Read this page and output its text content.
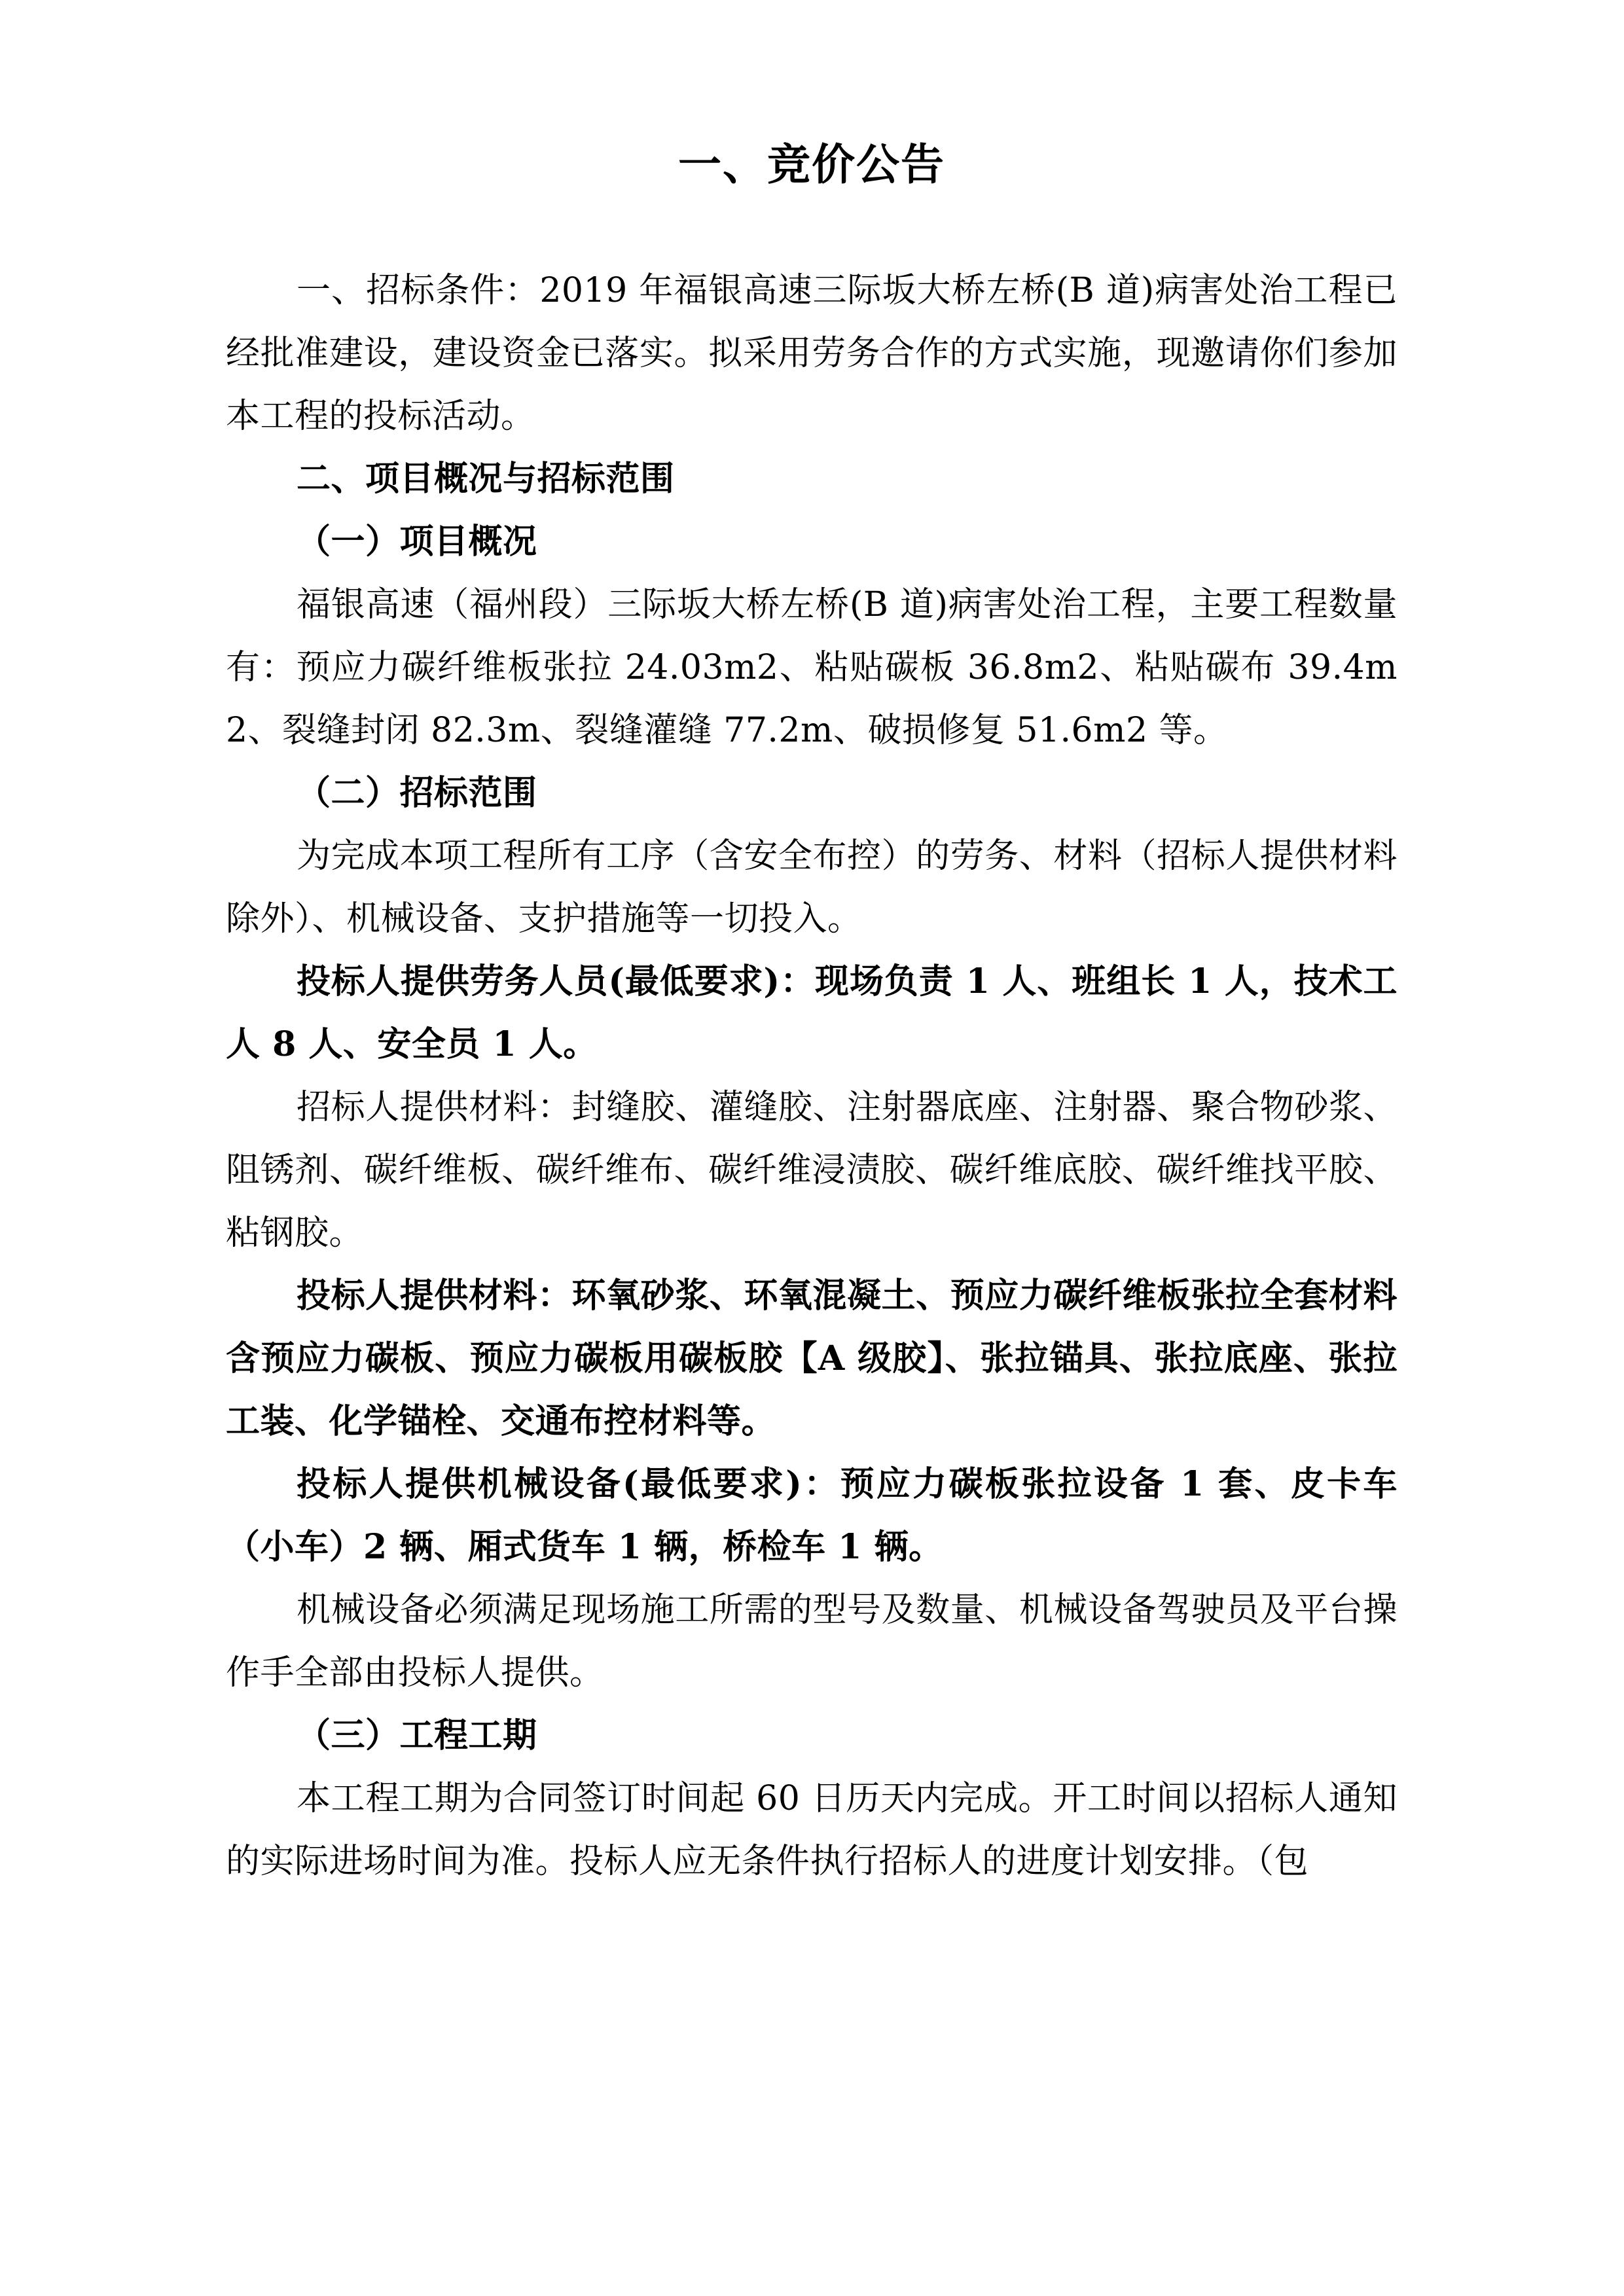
一、竞价公告

一、招标条件：2019 年福银高速三际坂大桥左桥(B 道)病害处治工程已经批准建设，建设资金已落实。拟采用劳务合作的方式实施，现邀请你们参加本工程的投标活动。

二、项目概况与招标范围

（一）项目概况

福银高速（福州段）三际坂大桥左桥(B 道)病害处治工程，主要工程数量有：预应力碳纤维板张拉 24.03m2、粘贴碳板 36.8m2、粘贴碳布 39.4m2、裂缝封闭 82.3m、裂缝灌缝 77.2m、破损修复 51.6m2 等。

（二）招标范围

为完成本项工程所有工序（含安全布控）的劳务、材料（招标人提供材料除外）、机械设备、支护措施等一切投入。

投标人提供劳务人员(最低要求)：现场负责 1 人、班组长 1 人，技术工人 8 人、安全员 1 人。

招标人提供材料：封缝胶、灌缝胶、注射器底座、注射器、聚合物砂浆、阻锈剂、碳纤维板、碳纤维布、碳纤维浸渍胶、碳纤维底胶、碳纤维找平胶、粘钢胶。

投标人提供材料：环氧砂浆、环氧混凝土、预应力碳纤维板张拉全套材料含预应力碳板、预应力碳板用碳板胶【A 级胶】、张拉锚具、张拉底座、张拉工装、化学锚栓、交通布控材料等。

投标人提供机械设备(最低要求)：预应力碳板张拉设备 1 套、皮卡车（小车）2 辆、厢式货车 1 辆，桥检车 1 辆。

机械设备必须满足现场施工所需的型号及数量、机械设备驾驶员及平台操作手全部由投标人提供。

（三）工程工期

本工程工期为合同签订时间起 60 日历天内完成。开工时间以招标人通知的实际进场时间为准。投标人应无条件执行招标人的进度计划安排。（包
